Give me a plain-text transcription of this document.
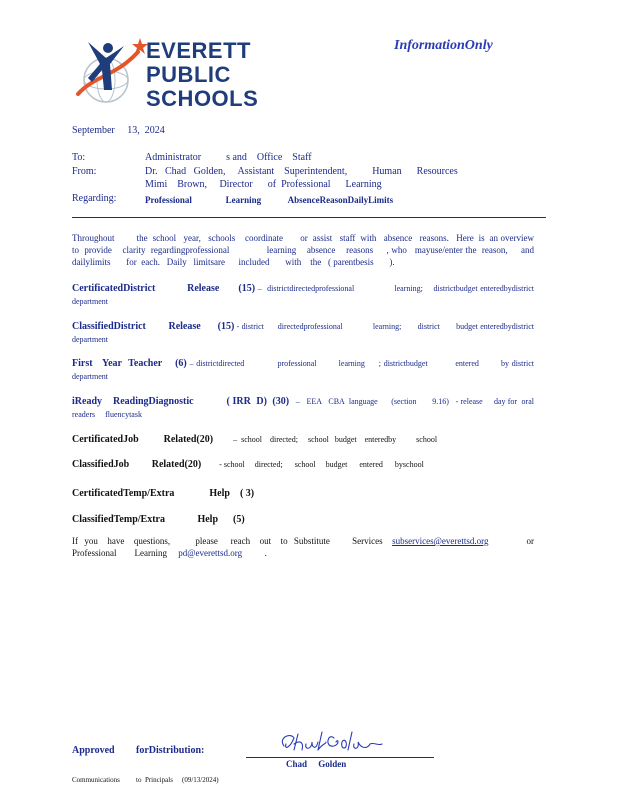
EVERETT
PUBLIC
SCHOOLS
InformationOnly
September     13,  2024
To:	Administrator          s and    Office    Staff
From:	Dr.   Chad   Golden,     Assistant    Superintendent,          Human      Resources
Mimi    Brown,     Director      of  Professional      Learning
Regarding:	Professional               Learning            AbsenceReasonDailyLimits
Throughout         the  school   year,   schools    coordinate       or  assist   staff  with   absence   reasons.   Here  is  an overview     to  provide    clarity  regardingprofessional              learning    absence    reasons     , who   mayuse/enter the  reason,     and  dailylimits       for  each.   Daily   limitsare      included       with    the   ( parentbesis       ).
CertificatedDistrict          Release      (15) –  districtdirectedprofessional               learning;    districtbudget enteredbydistrict           department
ClassifiedDistrict        Release      (15) - district      directedprofessional             learning;       district       budget enteredbydistrict           department
First   Year  Teacher    (6) – districtdirected            professional        learning     ; districtbudget          entered        by district     department
iReady    ReadingDiagnostic            ( IRR  D)  (30)   –   EEA   CBA  language      (section       9.16)   - release     day for  oral   readers     fluencytask
CertificatedJob          Related(20)          –  school    directed;     school   budget    enteredby          school
ClassifiedJob         Related(20)         - school     directed;      school     budget      entered      byschool
CertificatedTemp/Extra              Help    ( 3)
ClassifiedTemp/Extra             Help      (5)
If  you   have   questions,        please    reach   out   to  Substitute       Services   subservices@everettsd.org            or Professional        Learning     pd@everettsd.org          .
Approved forDistribution:
Chad     Golden
Communications to  Principals (09/13/2024)
